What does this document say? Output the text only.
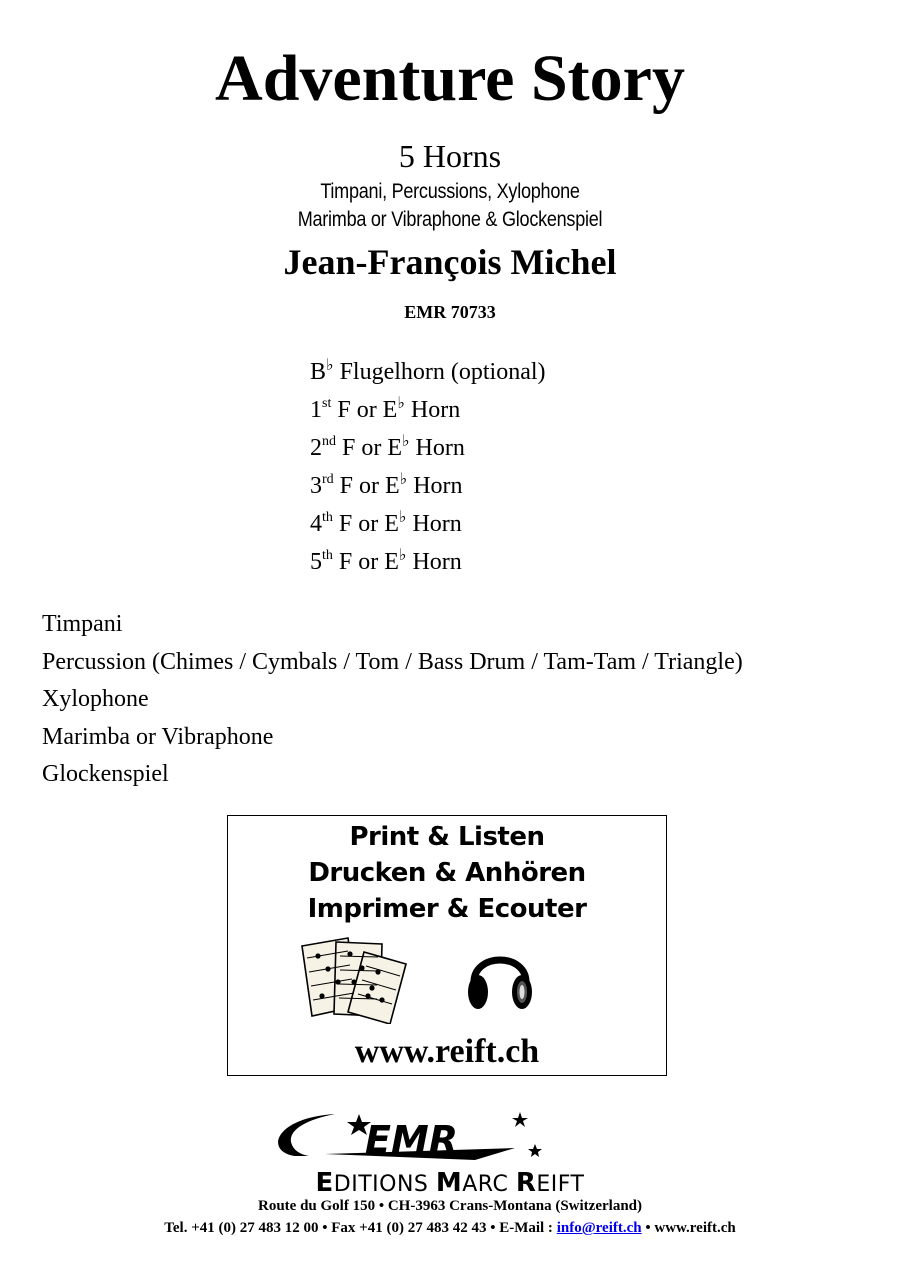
Adventure Story
5 Horns
Timpani, Percussions, Xylophone
Marimba or Vibraphone & Glockenspiel
Jean-François Michel
EMR 70733
B♭ Flugelhorn (optional)
1st F or E♭ Horn
2nd F or E♭ Horn
3rd F or E♭ Horn
4th F or E♭ Horn
5th F or E♭ Horn
Timpani
Percussion (Chimes / Cymbals / Tom / Bass Drum / Tam-Tam / Triangle)
Xylophone
Marimba or Vibraphone
Glockenspiel
Print & Listen
Drucken & Anhören
Imprimer & Ecouter
www.reift.ch
EMR
EDITIONS MARC REIFT
Route du Golf 150 • CH-3963 Crans-Montana (Switzerland)
Tel. +41 (0) 27 483 12 00 • Fax +41 (0) 27 483 42 43 • E-Mail : info@reift.ch • www.reift.ch
